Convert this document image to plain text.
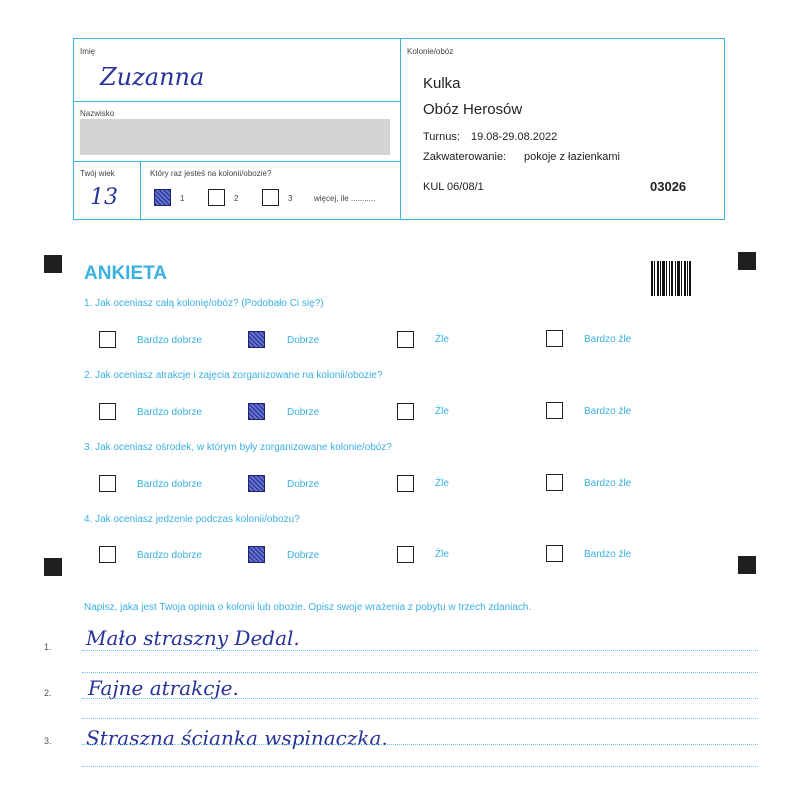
Imię
Zuzanna
Nazwisko
Twój wiek
13
Który raz jesteś na kolonii/obozie?
1	2	3	więcej, ile ...........
Kolonie/obóz
Kulka
Obóz Herosów
Turnus: 19.08-29.08.2022
Zakwaterowanie: pokoje z łazienkami
KUL 06/08/1	03026
ANKIETA
1. Jak oceniasz całą kolonię/obóz? (Podobało Ci się?)
Bardzo dobrze	Dobrze	Źle	Bardzo źle
2. Jak oceniasz atrakcje i zajęcia zorganizowane na kolonii/obozie?
Bardzo dobrze	Dobrze	Źle	Bardzo źle
3. Jak oceniasz ośrodek, w którym były zorganizowane kolonie/obóz?
Bardzo dobrze	Dobrze	Źle	Bardzo źle
4. Jak oceniasz jedzenie podczas kolonii/obozu?
Bardzo dobrze	Dobrze	Źle	Bardzo źle
Napisz, jaka jest Twoja opinia o kolonii lub obozie. Opisz swoje wrażenia z pobytu w trzech zdaniach.
1. Mało straszny Dedal.
2. Fajne atrakcje.
3. Straszna ścianka wspinaczka.
